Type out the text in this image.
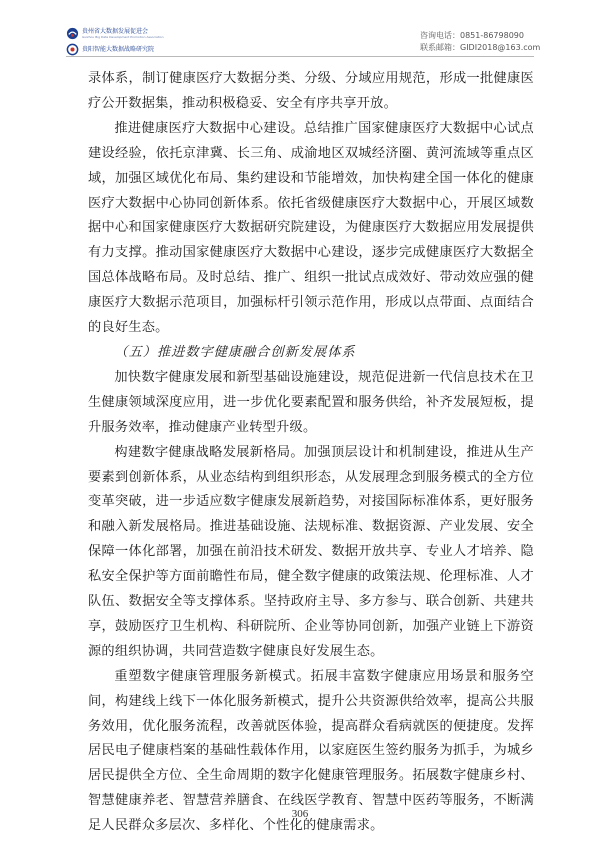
贵州省大数据发展促进会
Guizhou Big Data Development Promotion Association
贵阳智能大数据战略研究院
咨询电话：0851-86798090
联系邮箱：GIDI2018@163.com

录体系，制订健康医疗大数据分类、分级、分域应用规范，形成一批健康医疗公开数据集，推动积极稳妥、安全有序共享开放。

推进健康医疗大数据中心建设。总结推广国家健康医疗大数据中心试点建设经验，依托京津冀、长三角、成渝地区双城经济圈、黄河流域等重点区域，加强区域优化布局、集约建设和节能增效，加快构建全国一体化的健康医疗大数据中心协同创新体系。依托省级健康医疗大数据中心，开展区域数据中心和国家健康医疗大数据研究院建设，为健康医疗大数据应用发展提供有力支撑。推动国家健康医疗大数据中心建设，逐步完成健康医疗大数据全国总体战略布局。及时总结、推广、组织一批试点成效好、带动效应强的健康医疗大数据示范项目，加强标杆引领示范作用，形成以点带面、点面结合的良好生态。

（五）推进数字健康融合创新发展体系

加快数字健康发展和新型基础设施建设，规范促进新一代信息技术在卫生健康领域深度应用，进一步优化要素配置和服务供给，补齐发展短板，提升服务效率，推动健康产业转型升级。

构建数字健康战略发展新格局。加强顶层设计和机制建设，推进从生产要素到创新体系，从业态结构到组织形态，从发展理念到服务模式的全方位变革突破，进一步适应数字健康发展新趋势，对接国际标准体系，更好服务和融入新发展格局。推进基础设施、法规标准、数据资源、产业发展、安全保障一体化部署，加强在前沿技术研发、数据开放共享、专业人才培养、隐私安全保护等方面前瞻性布局，健全数字健康的政策法规、伦理标准、人才队伍、数据安全等支撑体系。坚持政府主导、多方参与、联合创新、共建共享，鼓励医疗卫生机构、科研院所、企业等协同创新，加强产业链上下游资源的组织协调，共同营造数字健康良好发展生态。

重塑数字健康管理服务新模式。拓展丰富数字健康应用场景和服务空间，构建线上线下一体化服务新模式，提升公共资源供给效率，提高公共服务效用，优化服务流程，改善就医体验，提高群众看病就医的便捷度。发挥居民电子健康档案的基础性载体作用，以家庭医生签约服务为抓手，为城乡居民提供全方位、全生命周期的数字化健康管理服务。拓展数字健康乡村、智慧健康养老、智慧营养膳食、在线医学教育、智慧中医药等服务，不断满足人民群众多层次、多样化、个性化的健康需求。

306
